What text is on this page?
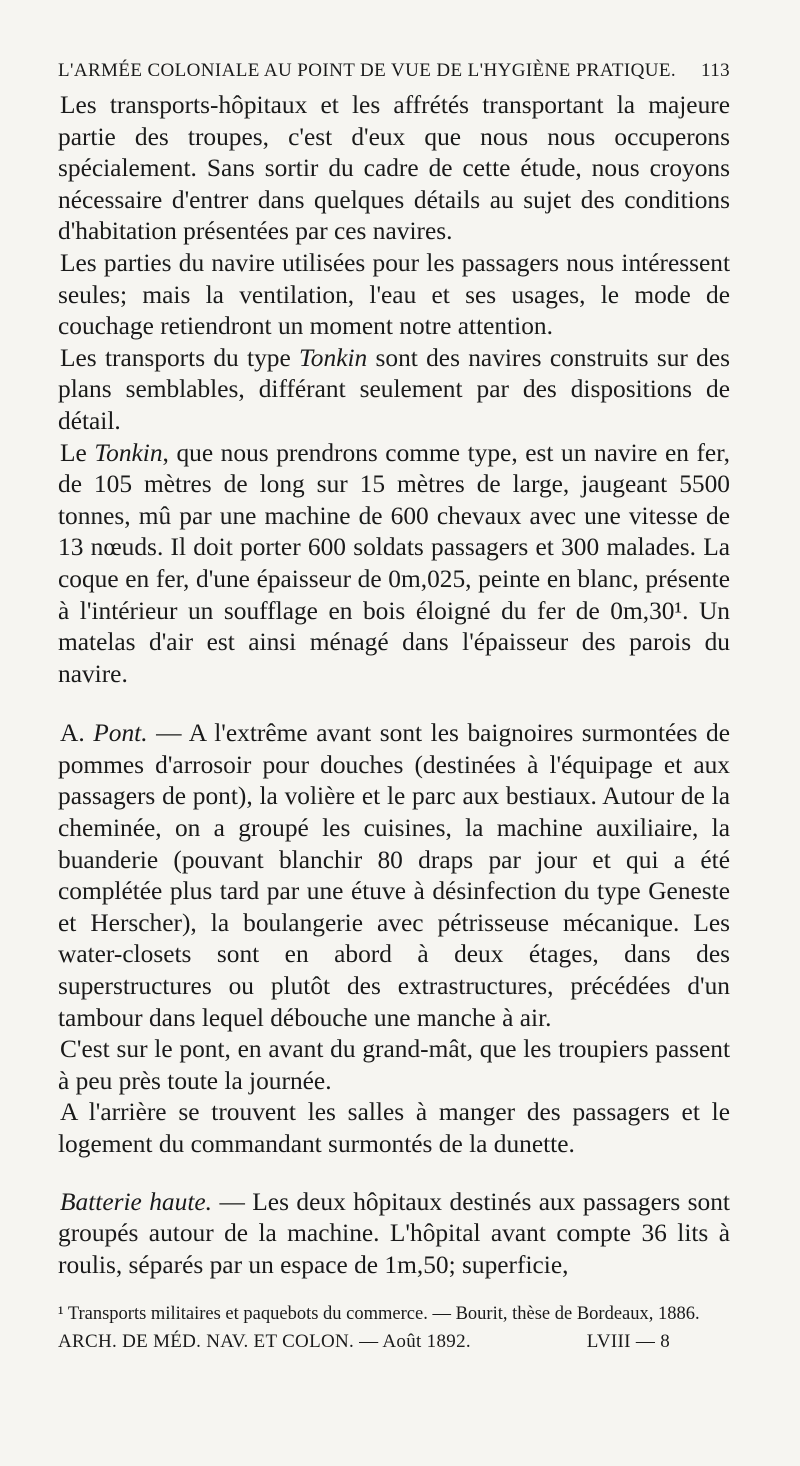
L'ARMÉE COLONIALE AU POINT DE VUE DE L'HYGIÈNE PRATIQUE. 113

Les transports-hôpitaux et les affrétés transportant la majeure partie des troupes, c'est d'eux que nous nous occuperons spécialement. Sans sortir du cadre de cette étude, nous croyons nécessaire d'entrer dans quelques détails au sujet des conditions d'habitation présentées par ces navires.

Les parties du navire utilisées pour les passagers nous intéressent seules; mais la ventilation, l'eau et ses usages, le mode de couchage retiendront un moment notre attention.

Les transports du type Tonkin sont des navires construits sur des plans semblables, différant seulement par des dispositions de détail.

Le Tonkin, que nous prendrons comme type, est un navire en fer, de 105 mètres de long sur 15 mètres de large, jaugeant 5500 tonnes, mû par une machine de 600 chevaux avec une vitesse de 13 nœuds. Il doit porter 600 soldats passagers et 300 malades. La coque en fer, d'une épaisseur de 0m,025, peinte en blanc, présente à l'intérieur un soufflage en bois éloigné du fer de 0m,30¹. Un matelas d'air est ainsi ménagé dans l'épaisseur des parois du navire.

A. Pont. — A l'extrême avant sont les baignoires surmontées de pommes d'arrosoir pour douches (destinées à l'équipage et aux passagers de pont), la volière et le parc aux bestiaux. Autour de la cheminée, on a groupé les cuisines, la machine auxiliaire, la buanderie (pouvant blanchir 80 draps par jour et qui a été complétée plus tard par une étuve à désinfection du type Geneste et Herscher), la boulangerie avec pétrisseuse mécanique. Les water-closets sont en abord à deux étages, dans des superstructures ou plutôt des extrastructures, précédées d'un tambour dans lequel débouche une manche à air.

C'est sur le pont, en avant du grand-mât, que les troupiers passent à peu près toute la journée.

A l'arrière se trouvent les salles à manger des passagers et le logement du commandant surmontés de la dunette.

Batterie haute. — Les deux hôpitaux destinés aux passagers sont groupés autour de la machine. L'hôpital avant compte 36 lits à roulis, séparés par un espace de 1m,50; superficie,

¹ Transports militaires et paquebots du commerce. — Bourit, thèse de Bordeaux, 1886.
ARCH. DE MÉD. NAV. ET COLON. — Août 1892.	LVIII — 8
